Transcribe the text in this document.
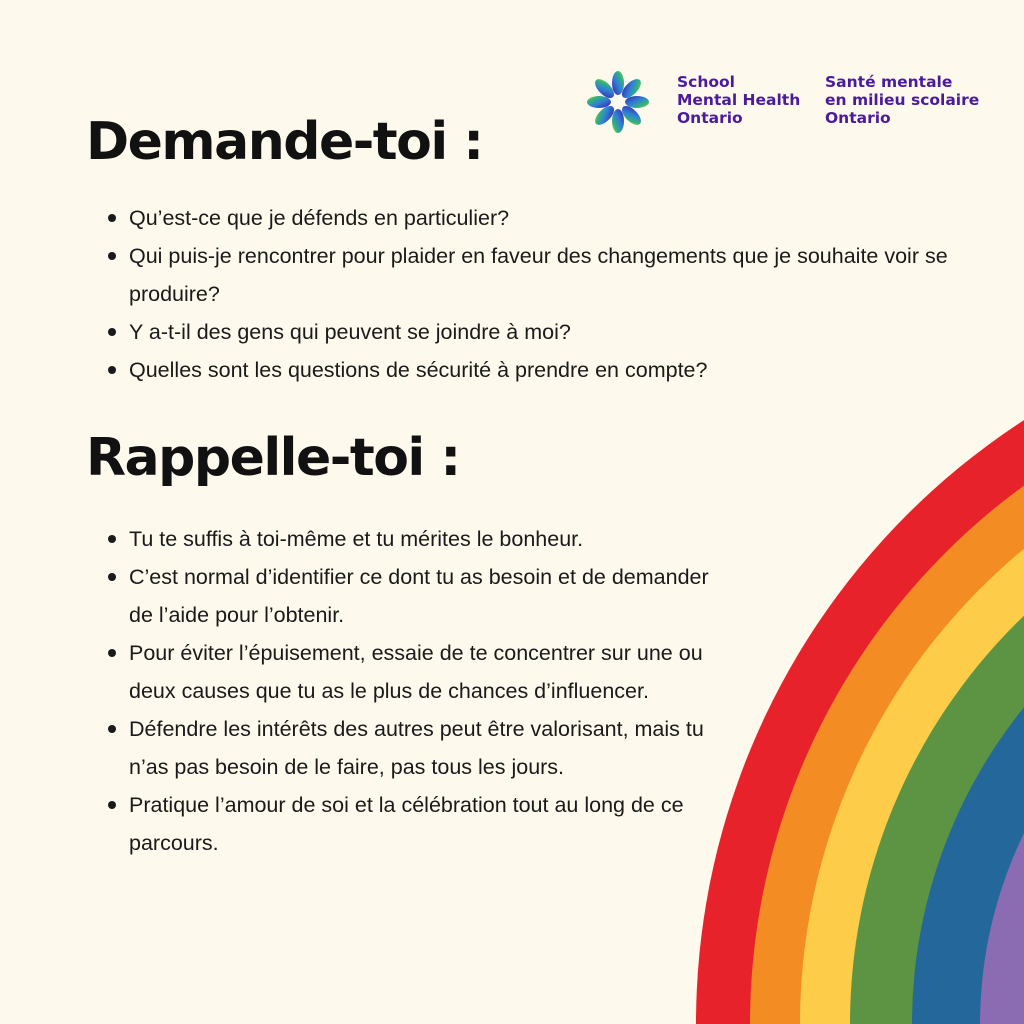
School
Mental Health
Ontario
Santé mentale
en milieu scolaire
Ontario
Demande-toi :
Qu’est-ce que je défends en particulier?
Qui puis-je rencontrer pour plaider en faveur des changements que je souhaite voir se produire?
Y a-t-il des gens qui peuvent se joindre à moi?
Quelles sont les questions de sécurité à prendre en compte?
Rappelle-toi :
Tu te suffis à toi-même et tu mérites le bonheur.
C’est normal d’identifier ce dont tu as besoin et de demander de l’aide pour l’obtenir.
Pour éviter l’épuisement, essaie de te concentrer sur une ou deux causes que tu as le plus de chances d’influencer.
Défendre les intérêts des autres peut être valorisant, mais tu n’as pas besoin de le faire, pas tous les jours.
Pratique l’amour de soi et la célébration tout au long de ce parcours.
